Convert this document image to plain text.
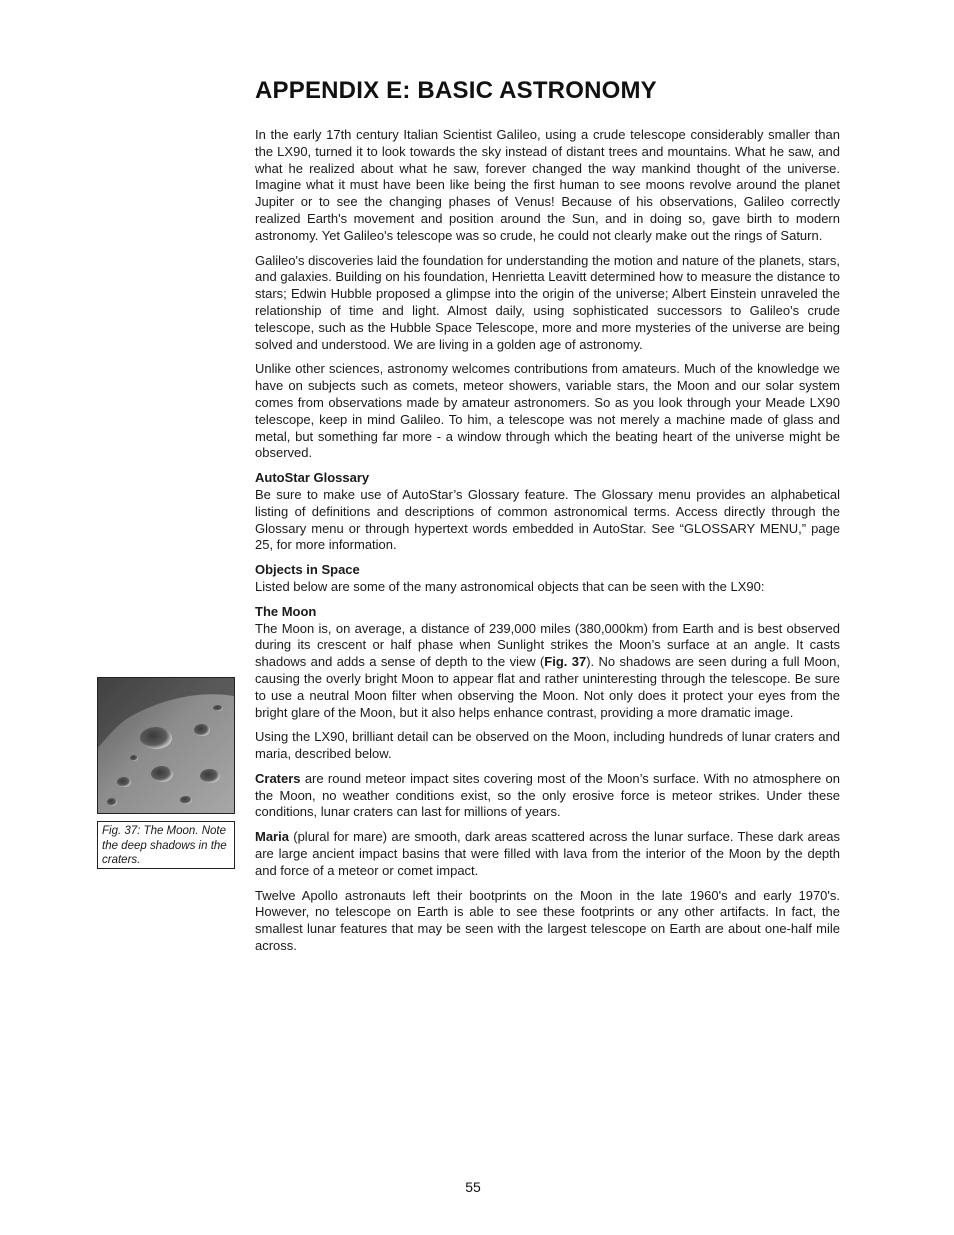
APPENDIX E: BASIC ASTRONOMY

In the early 17th century Italian Scientist Galileo, using a crude telescope considerably smaller than the LX90, turned it to look towards the sky instead of distant trees and mountains. What he saw, and what he realized about what he saw, forever changed the way mankind thought of the universe. Imagine what it must have been like being the first human to see moons revolve around the planet Jupiter or to see the changing phases of Venus! Because of his observations, Galileo correctly realized Earth's movement and position around the Sun, and in doing so, gave birth to modern astronomy. Yet Galileo's telescope was so crude, he could not clearly make out the rings of Saturn.

Galileo's discoveries laid the foundation for understanding the motion and nature of the planets, stars, and galaxies. Building on his foundation, Henrietta Leavitt determined how to measure the distance to stars; Edwin Hubble proposed a glimpse into the origin of the universe; Albert Einstein unraveled the relationship of time and light. Almost daily, using sophisticated successors to Galileo's crude telescope, such as the Hubble Space Telescope, more and more mysteries of the universe are being solved and understood. We are living in a golden age of astronomy.

Unlike other sciences, astronomy welcomes contributions from amateurs. Much of the knowledge we have on subjects such as comets, meteor showers, variable stars, the Moon and our solar system comes from observations made by amateur astronomers. So as you look through your Meade LX90 telescope, keep in mind Galileo. To him, a telescope was not merely a machine made of glass and metal, but something far more - a window through which the beating heart of the universe might be observed.

AutoStar Glossary
Be sure to make use of AutoStar’s Glossary feature. The Glossary menu provides an alphabetical listing of definitions and descriptions of common astronomical terms. Access directly through the Glossary menu or through hypertext words embedded in AutoStar. See “GLOSSARY MENU,” page 25, for more information.

Objects in Space
Listed below are some of the many astronomical objects that can be seen with the LX90:

The Moon
The Moon is, on average, a distance of 239,000 miles (380,000km) from Earth and is best observed during its crescent or half phase when Sunlight strikes the Moon’s surface at an angle. It casts shadows and adds a sense of depth to the view (Fig. 37). No shadows are seen during a full Moon, causing the overly bright Moon to appear flat and rather uninteresting through the telescope. Be sure to use a neutral Moon filter when observing the Moon. Not only does it protect your eyes from the bright glare of the Moon, but it also helps enhance contrast, providing a more dramatic image.

Using the LX90, brilliant detail can be observed on the Moon, including hundreds of lunar craters and maria, described below.

Craters are round meteor impact sites covering most of the Moon’s surface. With no atmosphere on the Moon, no weather conditions exist, so the only erosive force is meteor strikes. Under these conditions, lunar craters can last for millions of years.

Maria (plural for mare) are smooth, dark areas scattered across the lunar surface. These dark areas are large ancient impact basins that were filled with lava from the interior of the Moon by the depth and force of a meteor or comet impact.

Twelve Apollo astronauts left their bootprints on the Moon in the late 1960's and early 1970's. However, no telescope on Earth is able to see these footprints or any other artifacts. In fact, the smallest lunar features that may be seen with the largest telescope on Earth are about one-half mile across.

Fig. 37: The Moon. Note the deep shadows in the craters.
55
